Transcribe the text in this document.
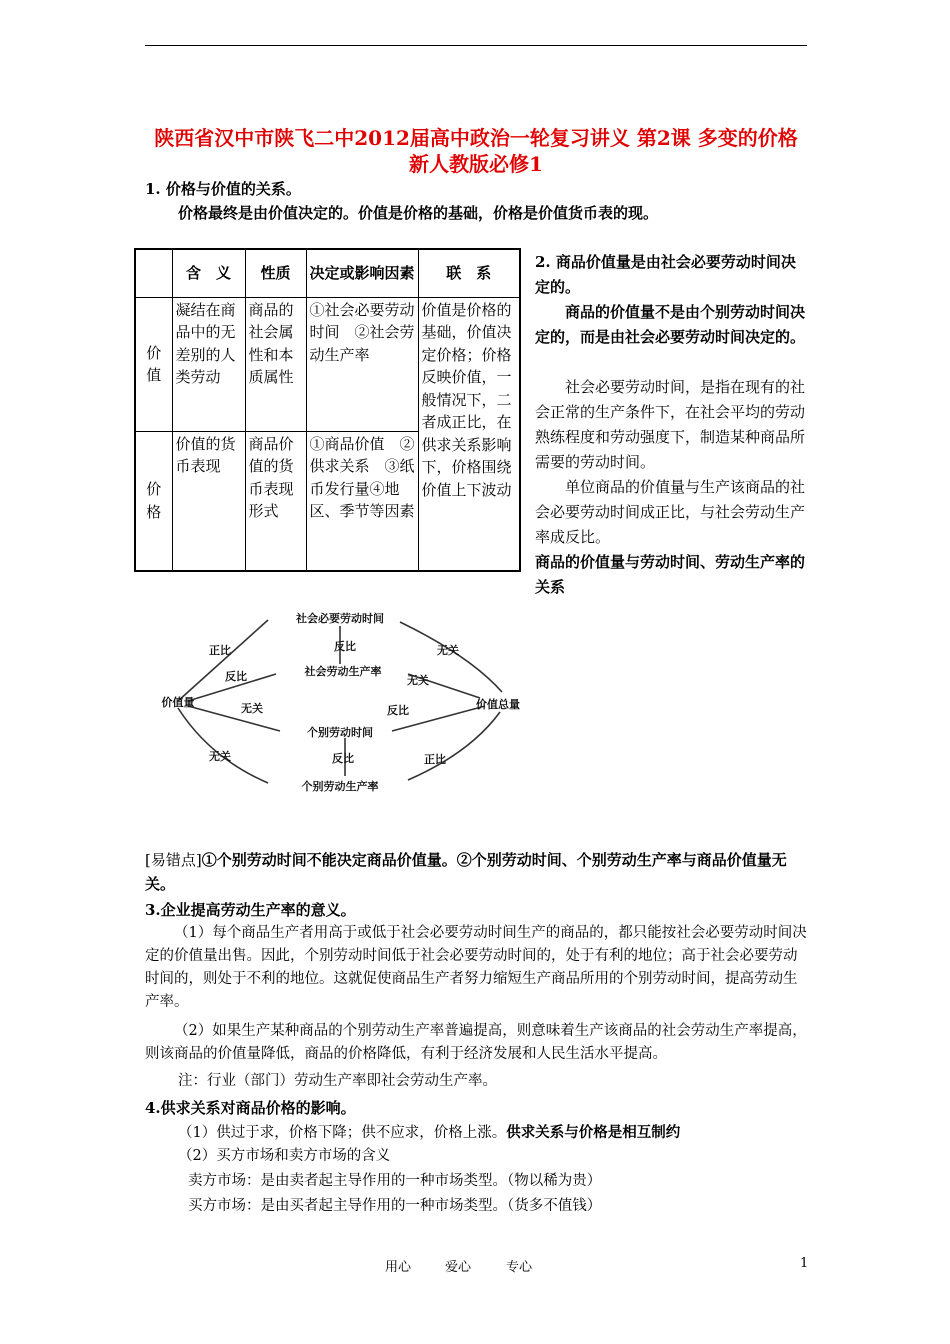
陕西省汉中市陕飞二中2012届高中政治一轮复习讲义 第2课 多变的价格 新人教版必修1
1. 价格与价值的关系。
价格最终是由价值决定的。价值是价格的基础，价格是价值货币表的现。
	含　义	性质	决定或影响因素	联　系
价值	凝结在商品中的无差别的人类劳动	商品的社会属性和本质属性	①社会必要劳动时间　②社会劳动生产率	价值是价格的基础，价值决定价格；价格反映价值，一般情况下，二者成正比，在供求关系影响下，价格围绕价值上下波动
价格	价值的货币表现	商品价值的货币表现形式	①商品价值　②供求关系　③纸币发行量④地区、季节等因素	
2. 商品价值量是由社会必要劳动时间决定的。
商品的价值量不是由个别劳动时间决定的，而是由社会必要劳动时间决定的。
社会必要劳动时间，是指在现有的社会正常的生产条件下，在社会平均的劳动熟练程度和劳动强度下，制造某种商品所需要的劳动时间。
单位商品的价值量与生产该商品的社会必要劳动时间成正比，与社会劳动生产率成反比。
商品的价值量与劳动时间、劳动生产率的关系
社会必要劳动时间
社会劳动生产率
价值量	价值总量
个别劳动时间
个别劳动生产率
正比	反比
反比
无关
无关
无关	反比
反比
无关	正比
[易错点]①个别劳动时间不能决定商品价值量。②个别劳动时间、个别劳动生产率与商品价值量无关。
3.企业提高劳动生产率的意义。
（1）每个商品生产者用高于或低于社会必要劳动时间生产的商品的，都只能按社会必要劳动时间决定的价值量出售。因此，个别劳动时间低于社会必要劳动时间的，处于有利的地位；高于社会必要劳动时间的，则处于不利的地位。这就促使商品生产者努力缩短生产商品所用的个别劳动时间，提高劳动生产率。
（2）如果生产某种商品的个别劳动生产率普遍提高，则意味着生产该商品的社会劳动生产率提高，则该商品的价值量降低，商品的价格降低，有利于经济发展和人民生活水平提高。
注：行业（部门）劳动生产率即社会劳动生产率。
4.供求关系对商品价格的影响。
（1）供过于求，价格下降；供不应求，价格上涨。供求关系与价格是相互制约
（2）买方市场和卖方市场的含义
卖方市场：是由卖者起主导作用的一种市场类型。（物以稀为贵）
买方市场：是由买者起主导作用的一种市场类型。（货多不值钱）
用心	爱心	专心	1
